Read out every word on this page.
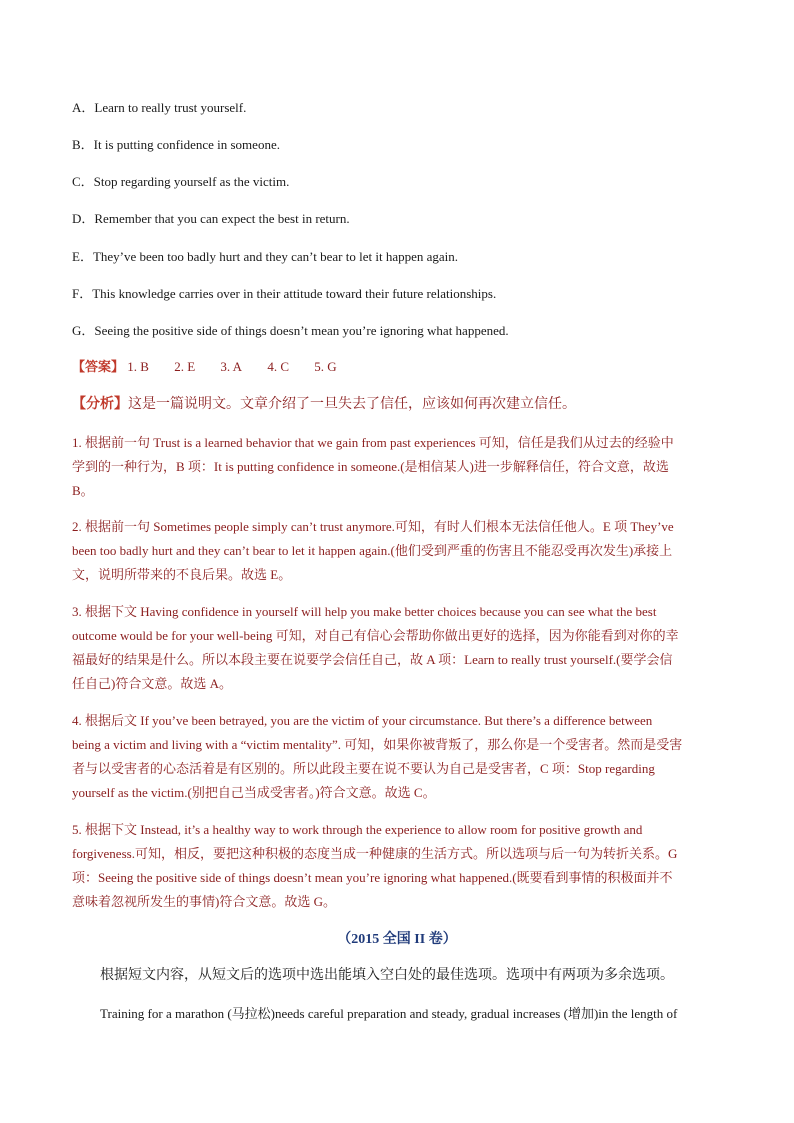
A．Learn to really trust yourself.
B．It is putting confidence in someone.
C．Stop regarding yourself as the victim.
D．Remember that you can expect the best in return.
E．They’ve been too badly hurt and they can’t bear to let it happen again.
F．This knowledge carries over in their attitude toward their future relationships.
G．Seeing the positive side of things doesn’t mean you’re ignoring what happened.
【答案】 1. B 2. E 3. A 4. C 5. G
【分析】这是一篇说明文。文章介绍了一旦失去了信任，应该如何再次建立信任。
1. 根据前一句 Trust is a learned behavior that we gain from past experiences 可知，信任是我们从过去的经验中
学到的一种行为，B 项：It is putting confidence in someone.(是相信某人)进一步解释信任，符合文意，故选
B。
2. 根据前一句 Sometimes people simply can’t trust anymore.可知，有时人们根本无法信任他人。E 项 They’ve
been too badly hurt and they can’t bear to let it happen again.(他们受到严重的伤害且不能忍受再次发生)承接上
文，说明所带来的不良后果。故选 E。
3. 根据下文 Having confidence in yourself will help you make better choices because you can see what the best
outcome would be for your well-being 可知，对自己有信心会帮助你做出更好的选择，因为你能看到对你的幸
福最好的结果是什么。所以本段主要在说要学会信任自己，故 A 项：Learn to really trust yourself.(要学会信
任自己)符合文意。故选 A。
4. 根据后文 If you’ve been betrayed, you are the victim of your circumstance. But there’s a difference between
being a victim and living with a “victim mentality”. 可知，如果你被背叛了，那么你是一个受害者。然而是受害
者与以受害者的心态活着是有区别的。所以此段主要在说不要认为自己是受害者，C 项：Stop regarding
yourself as the victim.(别把自己当成受害者。)符合文意。故选 C。
5. 根据下文 Instead, it’s a healthy way to work through the experience to allow room for positive growth and
forgiveness.可知，相反，要把这种积极的态度当成一种健康的生活方式。所以选项与后一句为转折关系。G
项：Seeing the positive side of things doesn’t mean you’re ignoring what happened.(既要看到事情的积极面并不
意味着忽视所发生的事情)符合文意。故选 G。
（2015 全国 II 卷）
根据短文内容，从短文后的选项中选出能填入空白处的最佳选项。选项中有两项为多余选项。
Training for a marathon (马拉松)needs careful preparation and steady, gradual increases (增加)in the length of
